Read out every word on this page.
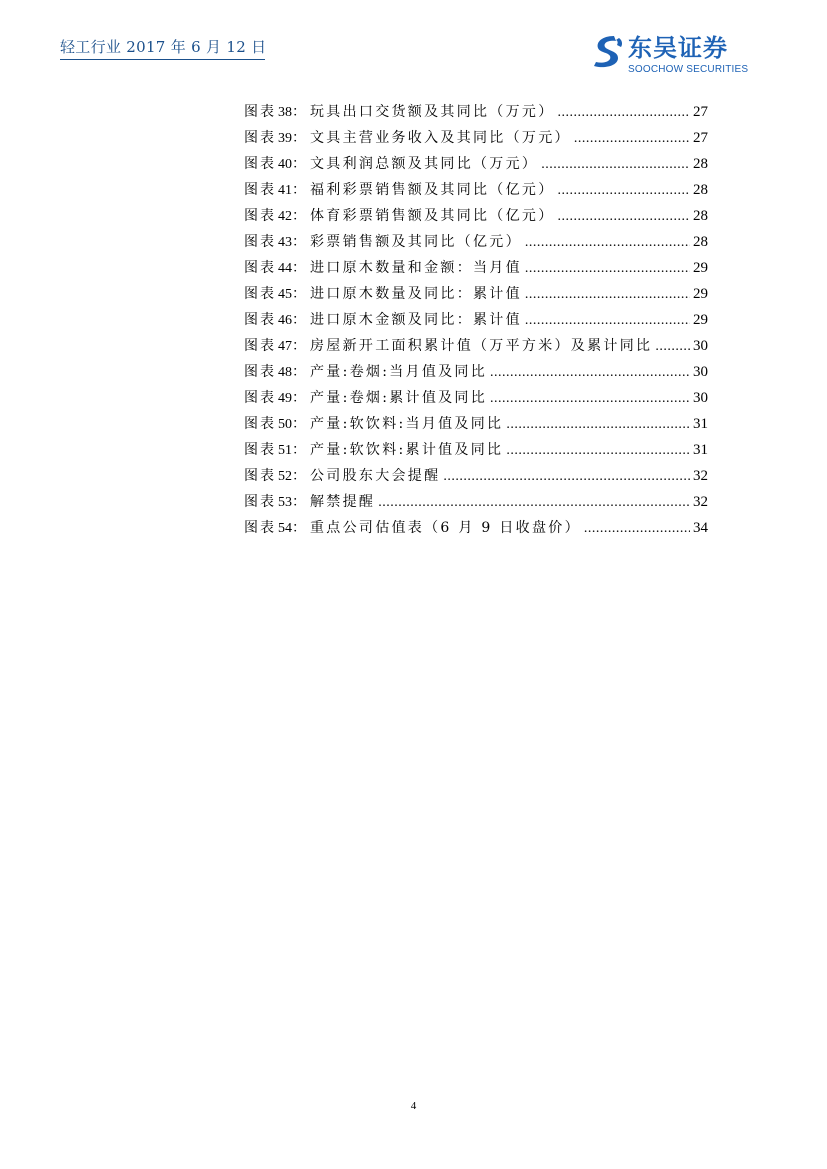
轻工行业 2017 年 6 月 12 日	东吴证券
SOOCHOW SECURITIES
图表 38 ： 玩具出口交货额及其同比（万元） .....	27
图表 39 ： 文具主营业务收入及其同比（万元） .....	27
图表 40 ： 文具利润总额及其同比（万元） .....	28
图表 41 ： 福利彩票销售额及其同比（亿元） .....	28
图表 42 ： 体育彩票销售额及其同比（亿元） .....	28
图表 43 ： 彩票销售额及其同比（亿元） .....	28
图表 44 ： 进口原木数量和金额：当月值 .....	29
图表 45 ： 进口原木数量及同比：累计值 .....	29
图表 46 ： 进口原木金额及同比：累计值 .....	29
图表 47 ： 房屋新开工面积累计值（万平方米）及累计同比 .....	30
图表 48 ： 产量:卷烟:当月值及同比 .....	30
图表 49 ： 产量:卷烟:累计值及同比 .....	30
图表 50 ： 产量:软饮料:当月值及同比 .....	31
图表 51 ： 产量:软饮料:累计值及同比 .....	31
图表 52 ： 公司股东大会提醒 .....	32
图表 53 ： 解禁提醒 .....	32
图表 54 ： 重点公司估值表（6 月 9 日收盘价） .....	34
4
